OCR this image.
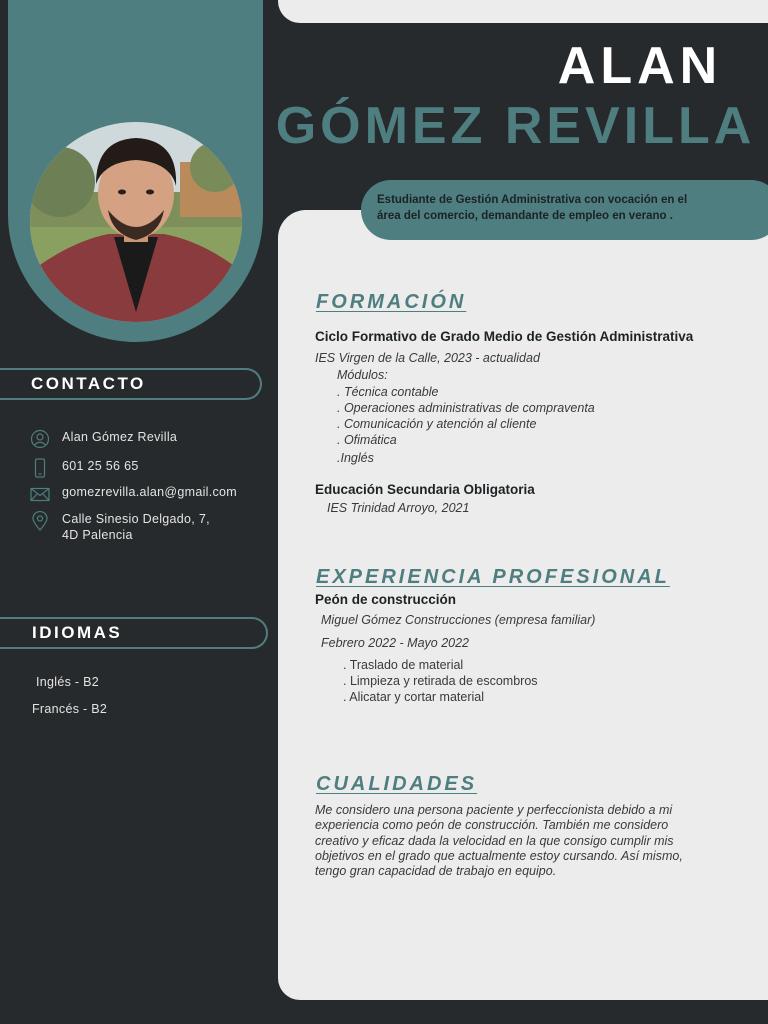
ALAN
GÓMEZ REVILLA
Estudiante de Gestión Administrativa con vocación en el
área del comercio, demandante de empleo en verano .
CONTACTO
Alan Gómez Revilla
601 25 56 65
gomezrevilla.alan@gmail.com
Calle Sinesio Delgado, 7,
4D Palencia
IDIOMAS
Inglés - B2
Francés - B2
FORMACIÓN

Ciclo Formativo de Grado Medio de Gestión Administrativa

IES Virgen de la Calle, 2023 - actualidad

Módulos:

. Técnica contable

. Operaciones administrativas de compraventa

. Comunicación y atención al cliente

. Ofimática

.Inglés

Educación Secundaria Obligatoria

IES Trinidad Arroyo, 2021

EXPERIENCIA PROFESIONAL

Peón de construcción

Miguel Gómez Construcciones (empresa familiar)

Febrero 2022 - Mayo 2022

. Traslado de material

. Limpieza y retirada de escombros

. Alicatar y cortar material

CUALIDADES
Me considero una persona paciente y perfeccionista debido a mi
experiencia como peón de construcción. También me considero
creativo y eficaz dada la velocidad en la que consigo cumplir mis
objetivos en el grado que actualmente estoy cursando. Así mismo,
tengo gran capacidad de trabajo en equipo.
